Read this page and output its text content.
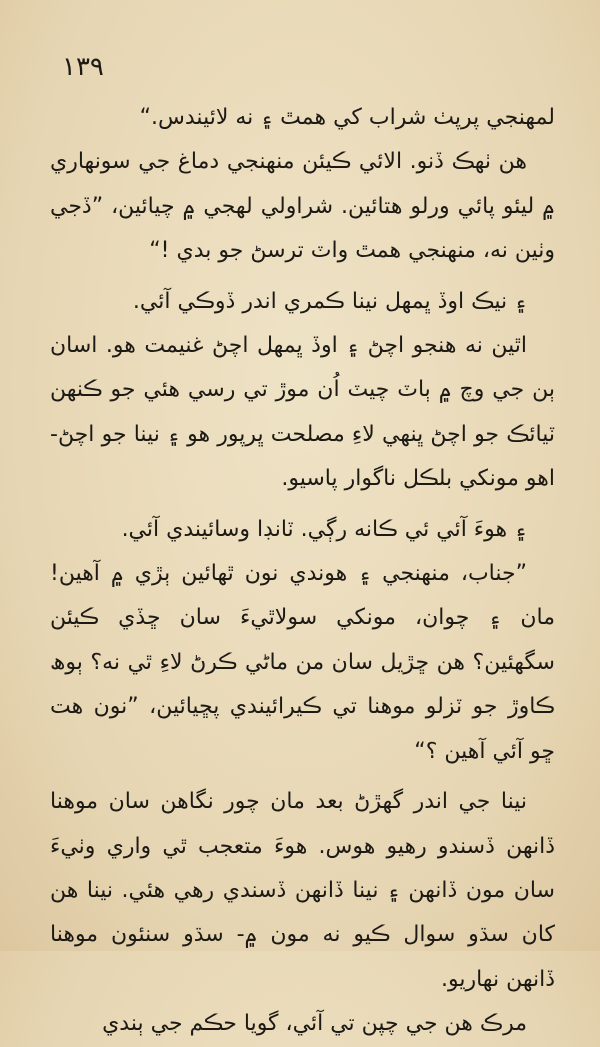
١٣٩

لمهنجي پرپٺ شراب کي همٿ ۽ نه لائيندس.“

هن ٺهڪ ڏنو. الائي ڪيئن منهنجي دماغ جي سونهاري ۾ ليئو پائي ورلو هتائين. شراولي لهجي ۾ چيائين، ”ڏجي وٺين نه، منهنجي همٿ واٽ ترسڻ جو بدي !“

۽ نيڪ اوڏ ڀمهل نينا ڪمري اندر ڏوڪي آئي.

اٿين نه هنجو اچڻ ۽ اوڏ ڀمهل اچڻ غنيمت هو. اسان ٻن جي وچ ۾ ٻاٽ چيٽ اُن موڙ تي رسي هئي جو ڪنهن ٽيائڪ جو اچڻ ڀنهي لاءِ مصلحت ڀرپور هو ۽ نينا جو اچڻ- اهو مونکي بلڪل ناگوار پاسيو.

۽ هوءَ آئي ئي ڪانه رڳي. ٽانڊا وسائيندي آئي.

”جناب، منهنجي ۽ هوندي نون ٿهائين ٻڙي ۾ آهين! مان ۽ چوان، مونکي سولاٿيءَ سان ڇڏي ڪيئن سگهئين؟ هن ڇڙيل سان من ماڻي ڪرڻ لاءِ ٿي نه؟ ٻوھ ڪاوڙ جو ٽزلو موهنا تي ڪيرائيندي پڇيائين، ”نون هت ڇو آئي آهين ؟“

نينا جي اندر گهڙڻ بعد مان چور نگاهن سان موهنا ڏانهن ڏسندو رهيو هوس. هوءَ متعجب ٿي واري وٺيءَ سان مون ڏانهن ۽ نينا ڏانهن ڏسندي رهي هئي. نينا هن کان سڌو سوال ڪيو نه مون ۾- سڌو سنئون موهنا ڏانهن نهاريو.

مرڪ هن جي چپن تي آئي، گويا حڪم جي ٻندي
